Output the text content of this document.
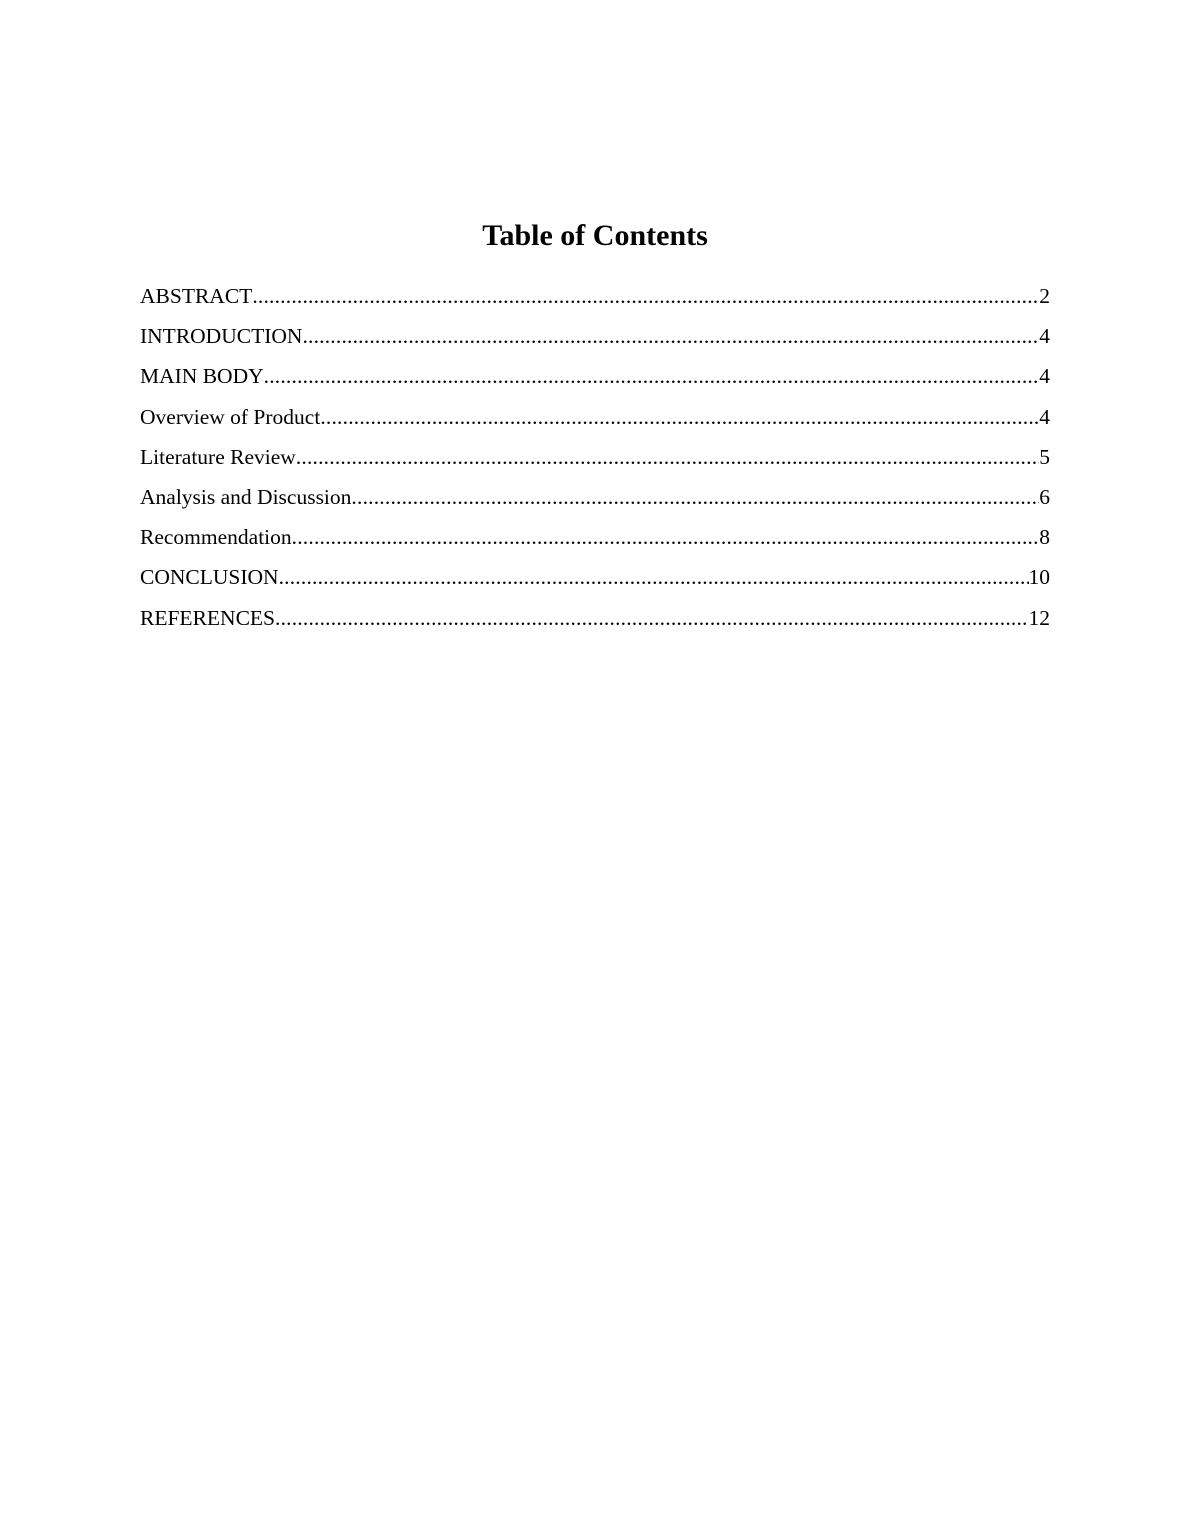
Table of Contents
ABSTRACT .....	2
INTRODUCTION .....	4
MAIN BODY .....	4
Overview of Product .....	4
Literature Review .....	5
Analysis and Discussion .....	6
Recommendation .....	8
CONCLUSION .....	10
REFERENCES .....	12
